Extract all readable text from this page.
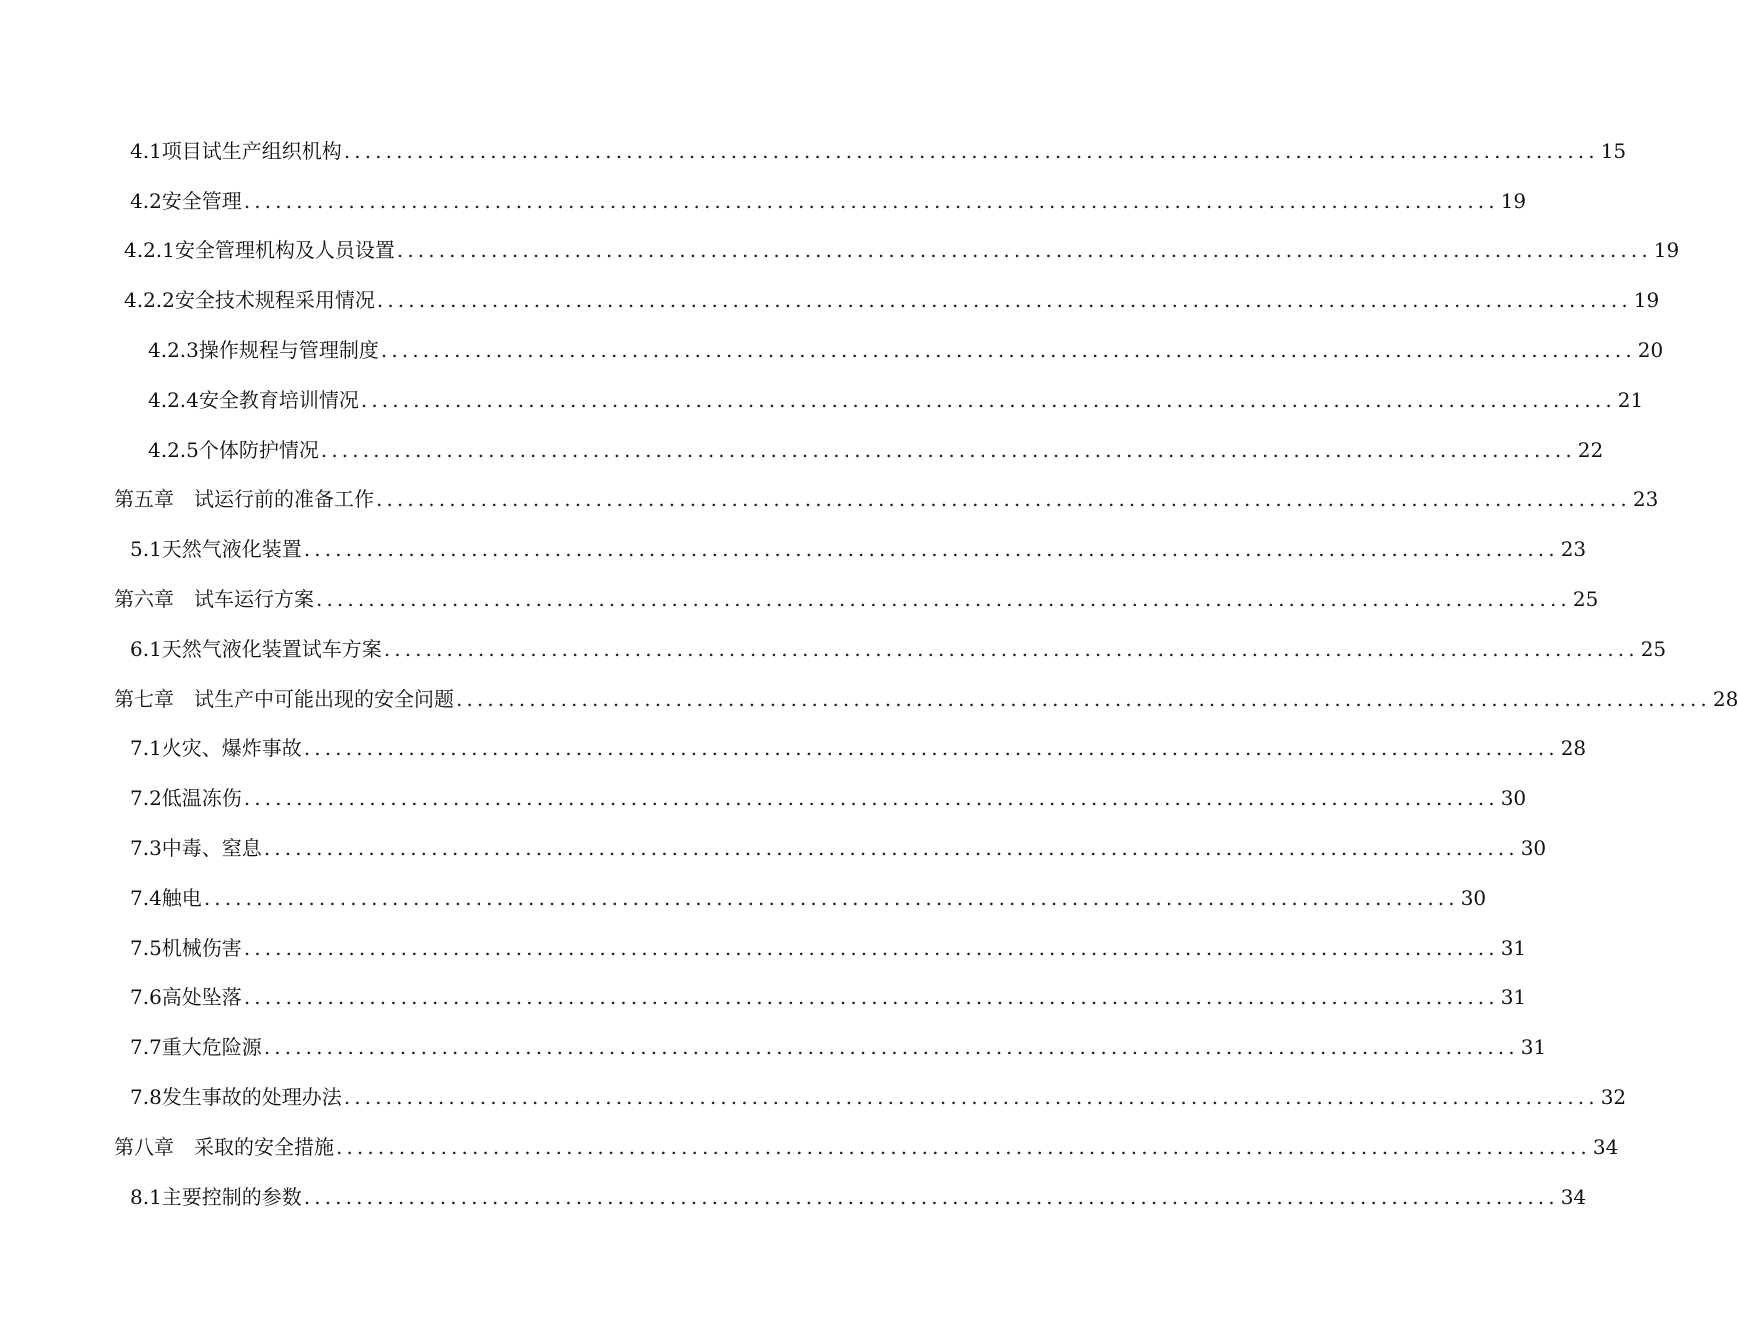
4.1项目试生产组织机构 ........................................................................................................................ 15
4.2安全管理 ........................................................................................................................ 19
4.2.1安全管理机构及人员设置 ........................................................................................................................ 19
4.2.2安全技术规程采用情况 ........................................................................................................................ 19
4.2.3操作规程与管理制度 ........................................................................................................................ 20
4.2.4安全教育培训情况 ........................................................................................................................ 21
4.2.5个体防护情况 ........................................................................................................................ 22
第五章　试运行前的准备工作 ........................................................................................................................ 23
5.1天然气液化装置 ........................................................................................................................ 23
第六章　试车运行方案 ........................................................................................................................ 25
6.1天然气液化装置试车方案 ........................................................................................................................ 25
第七章　试生产中可能出现的安全问题 ........................................................................................................................ 28
7.1火灾、爆炸事故 ........................................................................................................................ 28
7.2低温冻伤 ........................................................................................................................ 30
7.3中毒、窒息 ........................................................................................................................ 30
7.4触电 ........................................................................................................................ 30
7.5机械伤害 ........................................................................................................................ 31
7.6高处坠落 ........................................................................................................................ 31
7.7重大危险源 ........................................................................................................................ 31
7.8发生事故的处理办法 ........................................................................................................................ 32
第八章　采取的安全措施 ........................................................................................................................ 34
8.1主要控制的参数 ........................................................................................................................ 34
